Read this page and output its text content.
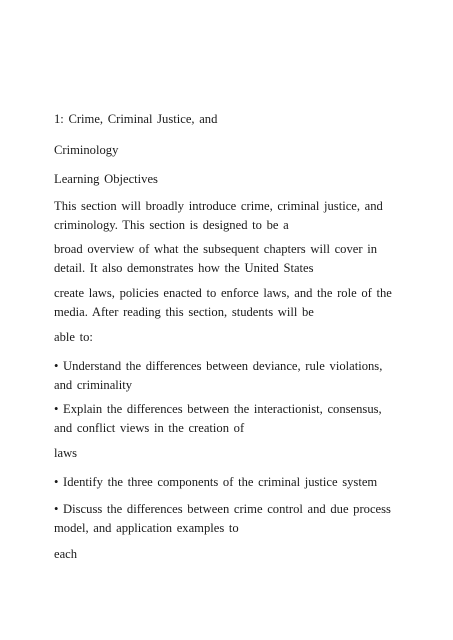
1: Crime, Criminal Justice, and

Criminology

Learning Objectives

This section will broadly introduce crime, criminal justice, and
criminology. This section is designed to be a
broad overview of what the subsequent chapters will cover in
detail. It also demonstrates how the United States
create laws, policies enacted to enforce laws, and the role of the
media. After reading this section, students will be

able to:

• Understand the differences between deviance, rule violations,
and criminality
• Explain the differences between the interactionist, consensus,
and conflict views in the creation of

laws

• Identify the three components of the criminal justice system

• Discuss the differences between crime control and due process
model, and application examples to

each
